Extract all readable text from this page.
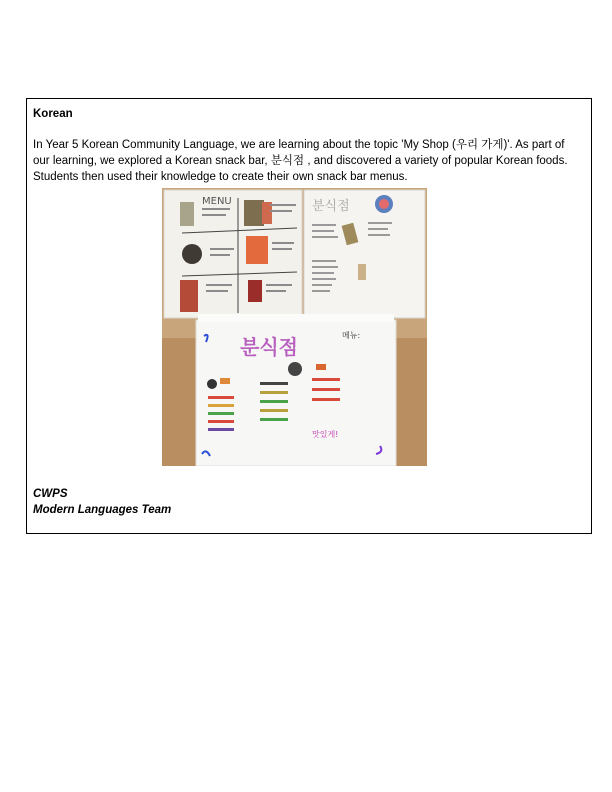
Korean
In Year 5 Korean Community Language, we are learning about the topic 'My Shop (우리 가게)'. As part of our learning, we explored a Korean snack bar, 분식점 , and discovered a variety of popular Korean foods. Students then used their knowledge to create their own snack bar menus.
MENU	분식점
분식점	메뉴:
맛있게!
CWPS
Modern Languages Team
